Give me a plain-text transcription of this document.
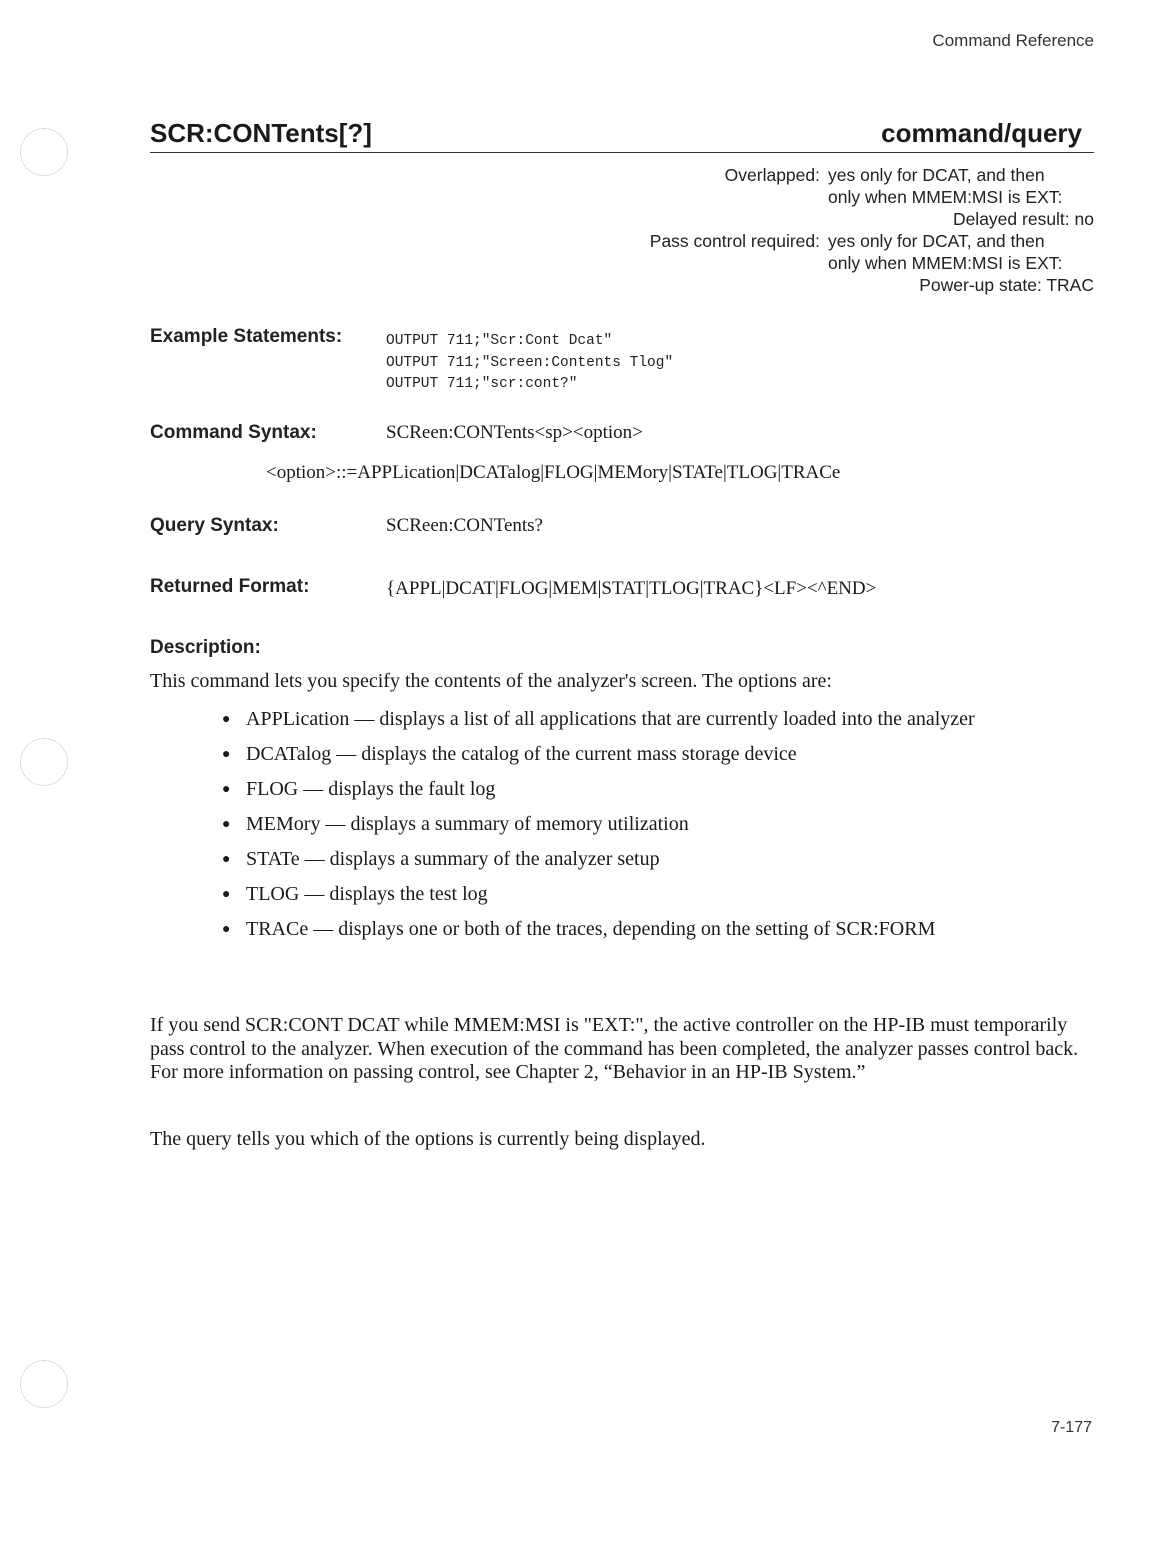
Command Reference
SCR:CONTents[?]	command/query
Overlapped: yes only for DCAT, and then
only when MMEM:MSI is EXT:
Delayed result: no
Pass control required: yes only for DCAT, and then
only when MMEM:MSI is EXT:
Power-up state: TRAC
Example Statements:	OUTPUT 711;"Scr:Cont Dcat"
OUTPUT 711;"Screen:Contents Tlog"
OUTPUT 711;"scr:cont?"
Command Syntax:	SCReen:CONTents<sp><option>
<option>::=APPLication|DCATalog|FLOG|MEMory|STATe|TLOG|TRACe
Query Syntax:	SCReen:CONTents?
Returned Format:	{APPL|DCAT|FLOG|MEM|STAT|TLOG|TRAC}<LF><^END>
Description:
This command lets you specify the contents of the analyzer's screen. The options are:
● APPLication — displays a list of all applications that are currently loaded into the analyzer
● DCATalog — displays the catalog of the current mass storage device
● FLOG — displays the fault log
● MEMory — displays a summary of memory utilization
● STATe — displays a summary of the analyzer setup
● TLOG — displays the test log
● TRACe — displays one or both of the traces, depending on the setting of SCR:FORM
If you send SCR:CONT DCAT while MMEM:MSI is "EXT:", the active controller on the HP-IB must temporarily pass control to the analyzer. When execution of the command has been completed, the analyzer passes control back. For more information on passing control, see Chapter 2, “Behavior in an HP-IB System.”
The query tells you which of the options is currently being displayed.
7-177
